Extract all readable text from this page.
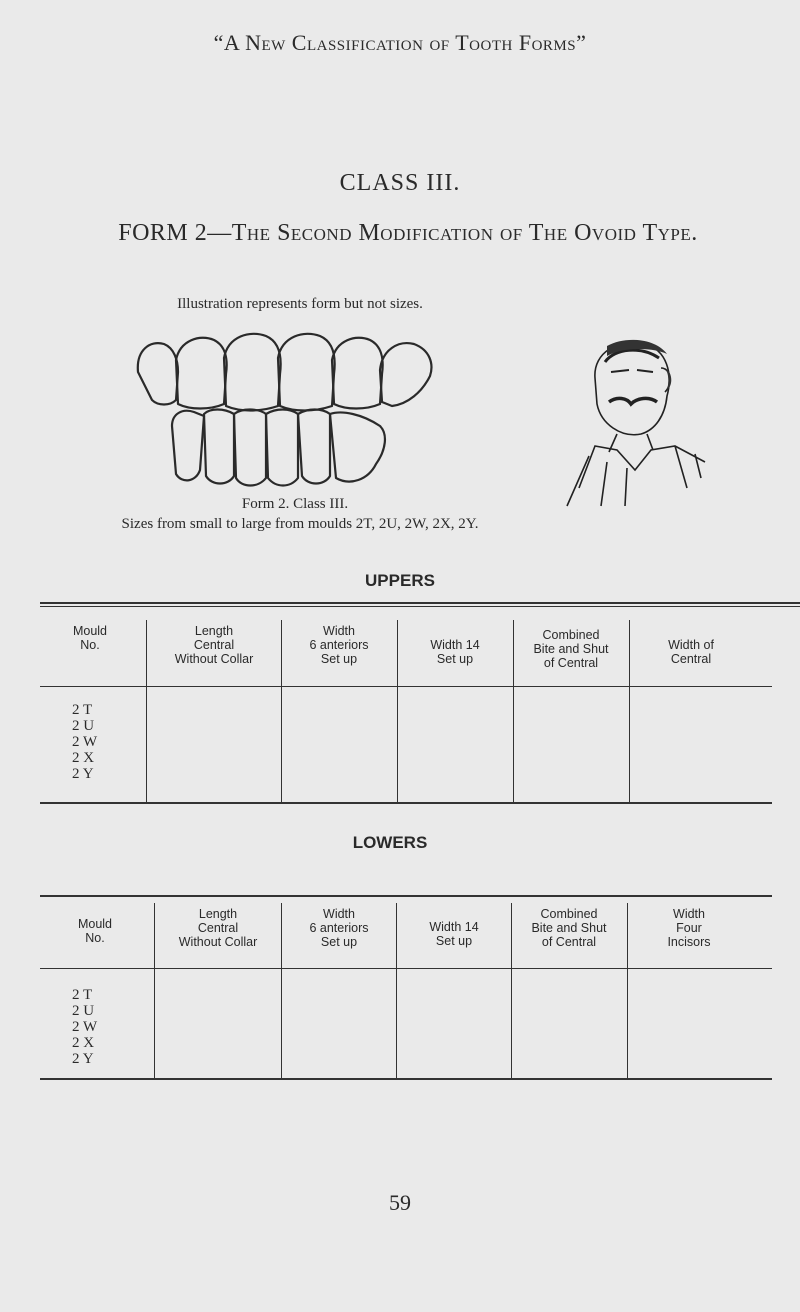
“A New Classification of Tooth Forms”
CLASS III.
FORM 2—The Second Modification of The Ovoid Type.
Illustration represents form but not sizes.
Form 2. Class III.
Sizes from small to large from moulds 2T, 2U, 2W, 2X, 2Y.
UPPERS
Mould
No.
Length
Central
Without Collar
Width
6 anteriors
Set up
Width 14
Set up
Combined
Bite and Shut
of Central
Width of
Central
2 T
2 U
2 W
2 X
2 Y
LOWERS
Mould
No.
Length
Central
Without Collar
Width
6 anteriors
Set up
Width 14
Set up
Combined
Bite and Shut
of Central
Width
Four
Incisors
2 T
2 U
2 W
2 X
2 Y
59
